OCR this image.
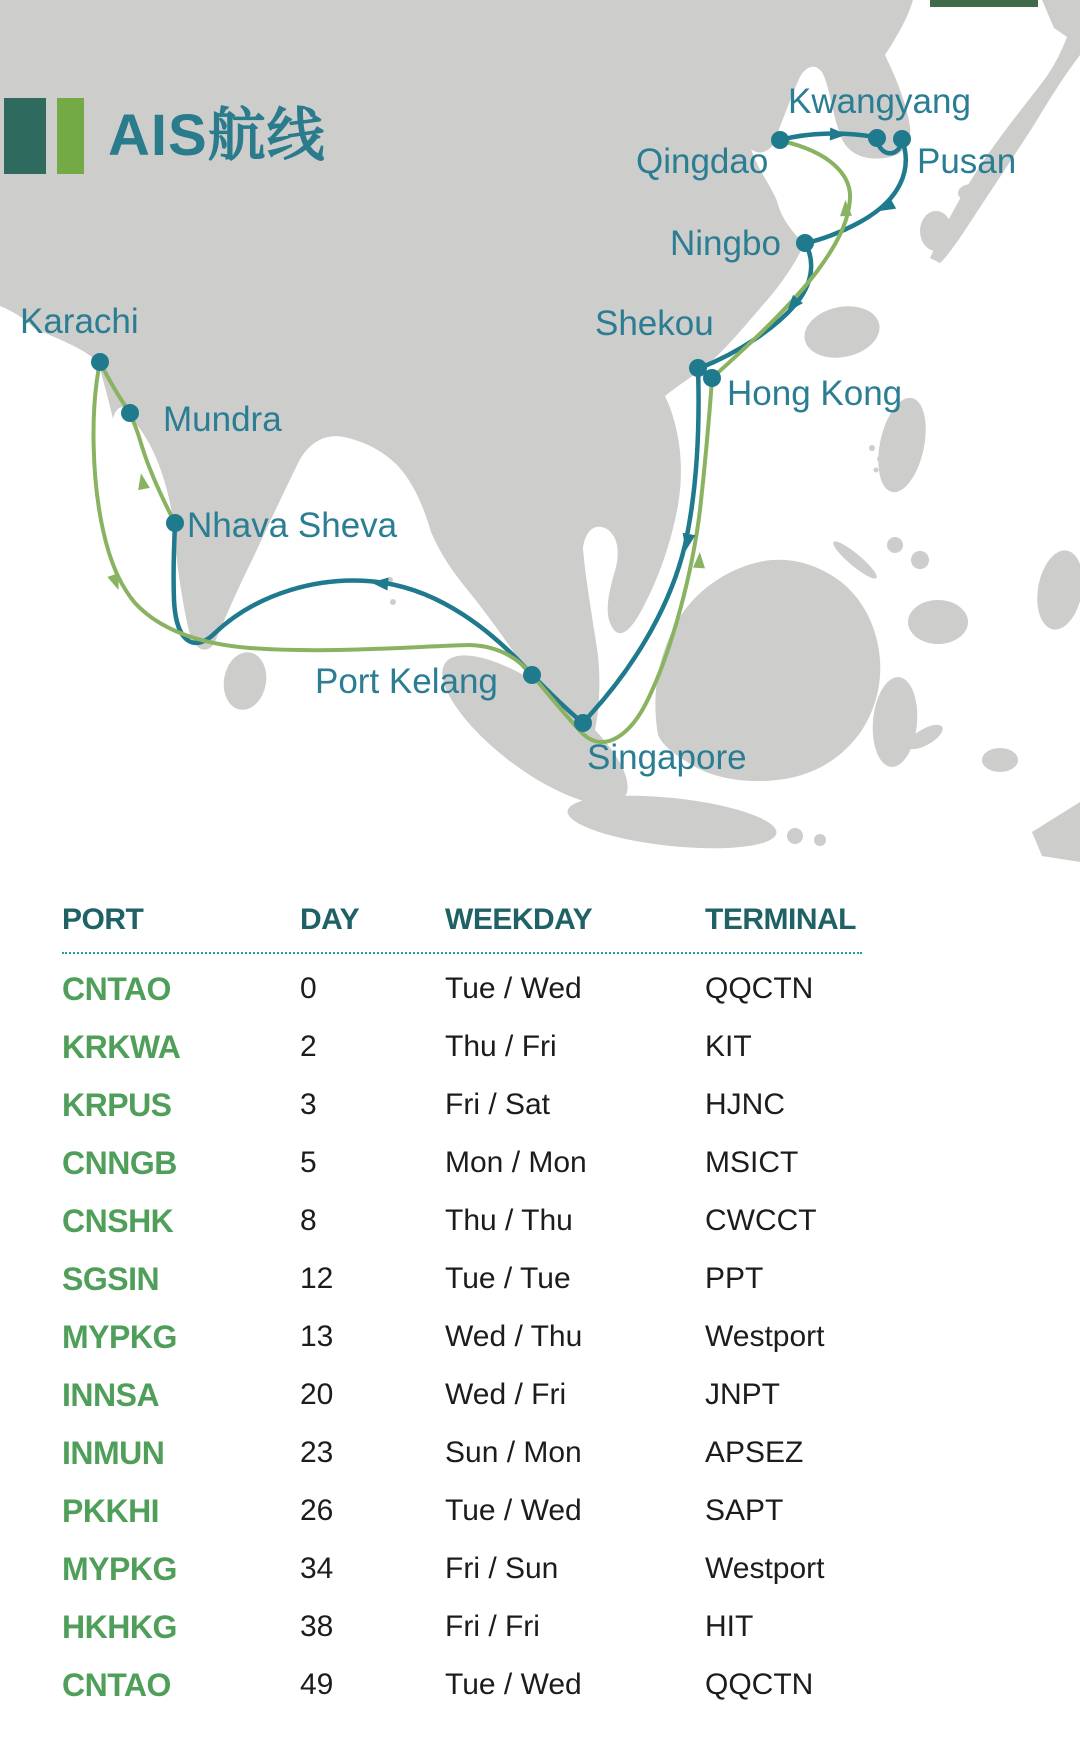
Qingdao
Kwangyang
Pusan
Ningbo
Shekou
Hong Kong
Karachi
Mundra
Nhava Sheva
Port Kelang
Singapore
AIS航线
PORT	DAY	WEEKDAY	TERMINAL
CNTAO	0	Tue / Wed	QQCTN
KRKWA	2	Thu / Fri	KIT
KRPUS	3	Fri / Sat	HJNC
CNNGB	5	Mon / Mon	MSICT
CNSHK	8	Thu / Thu	CWCCT
SGSIN	12	Tue / Tue	PPT
MYPKG	13	Wed / Thu	Westport
INNSA	20	Wed / Fri	JNPT
INMUN	23	Sun / Mon	APSEZ
PKKHI	26	Tue / Wed	SAPT
MYPKG	34	Fri / Sun	Westport
HKHKG	38	Fri / Fri	HIT
CNTAO	49	Tue / Wed	QQCTN
